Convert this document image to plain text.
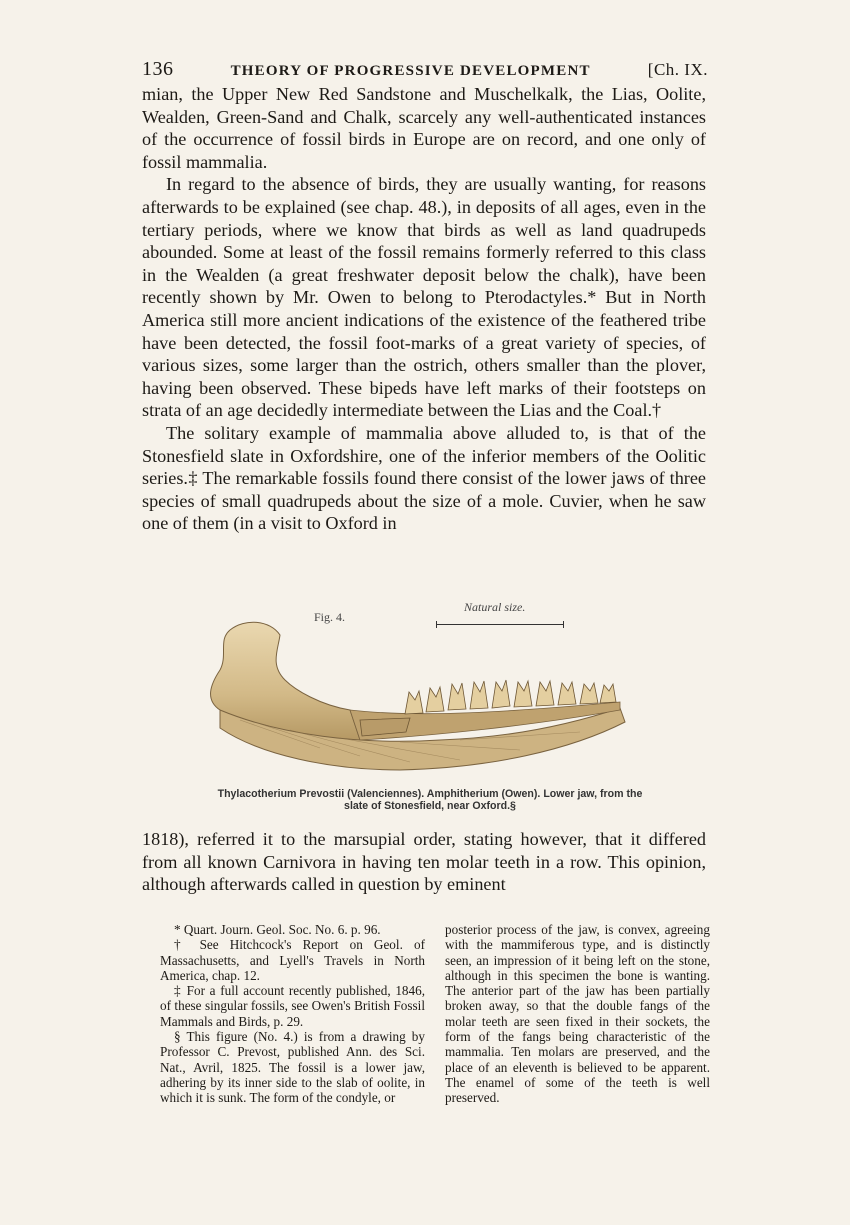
136	THEORY OF PROGRESSIVE DEVELOPMENT	[Ch. IX.

mian, the Upper New Red Sandstone and Muschelkalk, the Lias, Oolite, Wealden, Green-Sand and Chalk, scarcely any well-authenticated instances of the occurrence of fossil birds in Europe are on record, and one only of fossil mammalia.

In regard to the absence of birds, they are usually wanting, for reasons afterwards to be explained (see chap. 48.), in deposits of all ages, even in the tertiary periods, where we know that birds as well as land quadrupeds abounded. Some at least of the fossil remains formerly referred to this class in the Wealden (a great freshwater deposit below the chalk), have been recently shown by Mr. Owen to belong to Pterodactyles.* But in North America still more ancient indications of the existence of the feathered tribe have been detected, the fossil foot-marks of a great variety of species, of various sizes, some larger than the ostrich, others smaller than the plover, having been observed. These bipeds have left marks of their footsteps on strata of an age decidedly intermediate between the Lias and the Coal.†

The solitary example of mammalia above alluded to, is that of the Stonesfield slate in Oxfordshire, one of the inferior members of the Oolitic series.‡ The remarkable fossils found there consist of the lower jaws of three species of small quadrupeds about the size of a mole. Cuvier, when he saw one of them (in a visit to Oxford in

Fig. 4.
Natural size.
Thylacotherium Prevostii (Valenciennes). Amphitherium (Owen). Lower jaw, from the
slate of Stonesfield, near Oxford.§

1818), referred it to the marsupial order, stating however, that it differed from all known Carnivora in having ten molar teeth in a row. This opinion, although afterwards called in question by eminent

* Quart. Journ. Geol. Soc. No. 6. p. 96.

† See Hitchcock's Report on Geol. of Massachusetts, and Lyell's Travels in North America, chap. 12.

‡ For a full account recently published, 1846, of these singular fossils, see Owen's British Fossil Mammals and Birds, p. 29.

§ This figure (No. 4.) is from a drawing by Professor C. Prevost, published Ann. des Sci. Nat., Avril, 1825. The fossil is a lower jaw, adhering by its inner side to the slab of oolite, in which it is sunk. The form of the condyle, or

posterior process of the jaw, is convex, agreeing with the mammiferous type, and is distinctly seen, an impression of it being left on the stone, although in this specimen the bone is wanting. The anterior part of the jaw has been partially broken away, so that the double fangs of the molar teeth are seen fixed in their sockets, the form of the fangs being characteristic of the mammalia. Ten molars are preserved, and the place of an eleventh is believed to be apparent. The enamel of some of the teeth is well preserved.
